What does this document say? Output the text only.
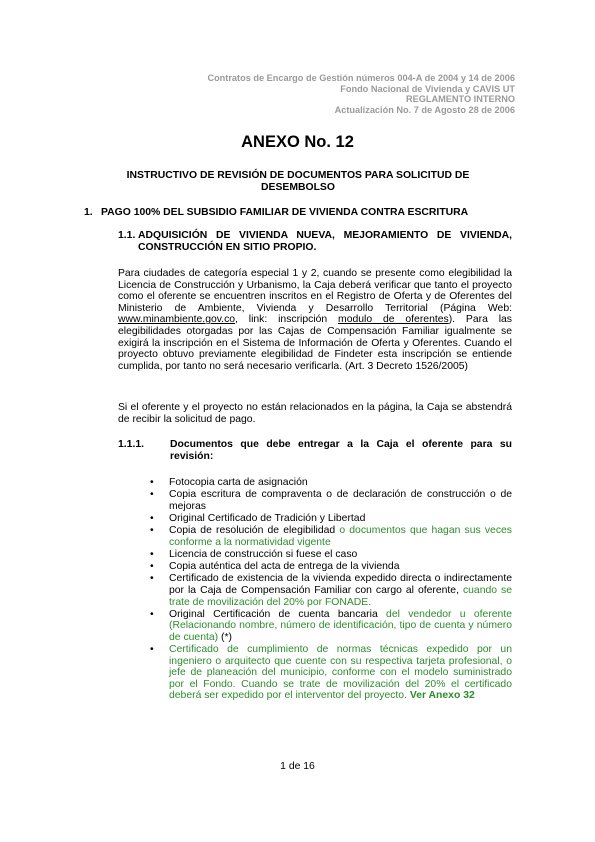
Contratos de Encargo de Gestión números 004-A de 2004 y 14 de 2006
Fondo Nacional de Vivienda y CAVIS UT
REGLAMENTO INTERNO
Actualización No. 7 de Agosto 28 de 2006
ANEXO No. 12
INSTRUCTIVO DE REVISIÓN DE DOCUMENTOS PARA SOLICITUD DE DESEMBOLSO
1. PAGO 100% DEL SUBSIDIO FAMILIAR DE VIVIENDA CONTRA ESCRITURA
1.1. ADQUISICIÓN DE VIVIENDA NUEVA, MEJORAMIENTO DE VIVIENDA,
CONSTRUCCIÓN EN SITIO PROPIO.
Para ciudades de categoría especial 1 y 2, cuando se presente como elegibilidad la Licencia de Construcción y Urbanismo, la Caja deberá verificar que tanto el proyecto como el oferente se encuentren inscritos en el Registro de Oferta y de Oferentes del Ministerio de Ambiente, Vivienda y Desarrollo Territorial (Página Web: www.minambiente.gov.co, link: inscripción modulo de oferentes). Para las elegibilidades otorgadas por las Cajas de Compensación Familiar igualmente se exigirá la inscripción en el Sistema de Información de Oferta y Oferentes. Cuando el proyecto obtuvo previamente elegibilidad de Findeter esta inscripción se entiende cumplida, por tanto no será necesario verificarla. (Art. 3 Decreto 1526/2005)
Si el oferente y el proyecto no están relacionados en la página, la Caja se abstendrá de recibir la solicitud de pago.
1.1.1.	Documentos que debe entregar a la Caja el oferente para su revisión:
• Fotocopia carta de asignación
• Copia escritura de compraventa o de declaración de construcción o de mejoras
• Original Certificado de Tradición y Libertad
• Copia de resolución de elegibilidad o documentos que hagan sus veces conforme a la normatividad vigente
• Licencia de construcción si fuese el caso
• Copia auténtica del acta de entrega de la vivienda
• Certificado de existencia de la vivienda expedido directa o indirectamente por la Caja de Compensación Familiar con cargo al oferente, cuando se trate de movilización del 20% por FONADE.
• Original Certificación de cuenta bancaria del vendedor u oferente (Relacionando nombre, número de identificación, tipo de cuenta y número de cuenta) (*)
• Certificado de cumplimiento de normas técnicas expedido por un ingeniero o arquitecto que cuente con su respectiva tarjeta profesional, o jefe de planeación del municipio, conforme con el modelo suministrado por el Fondo. Cuando se trate de movilización del 20% el certificado deberá ser expedido por el interventor del proyecto. Ver Anexo 32
1 de 16
